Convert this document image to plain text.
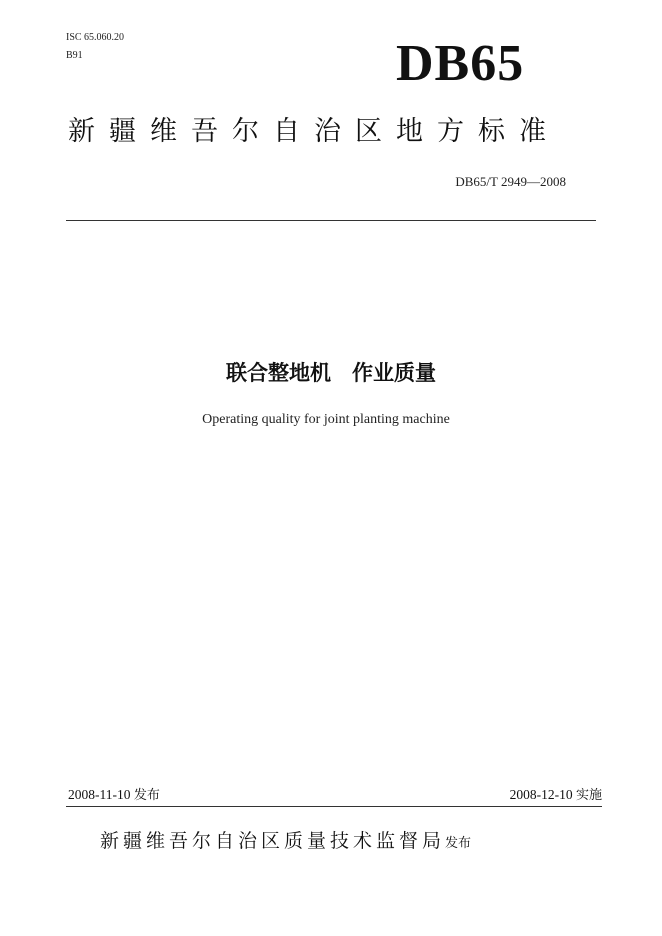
ISC 65.060.20
B91	DB65
新疆维吾尔自治区地方标准
DB65/T 2949—2008
联合整地机　作业质量
Operating quality for joint planting machine
2008-11-10 发布	2008-12-10 实施
新疆维吾尔自治区质量技术监督局发布
